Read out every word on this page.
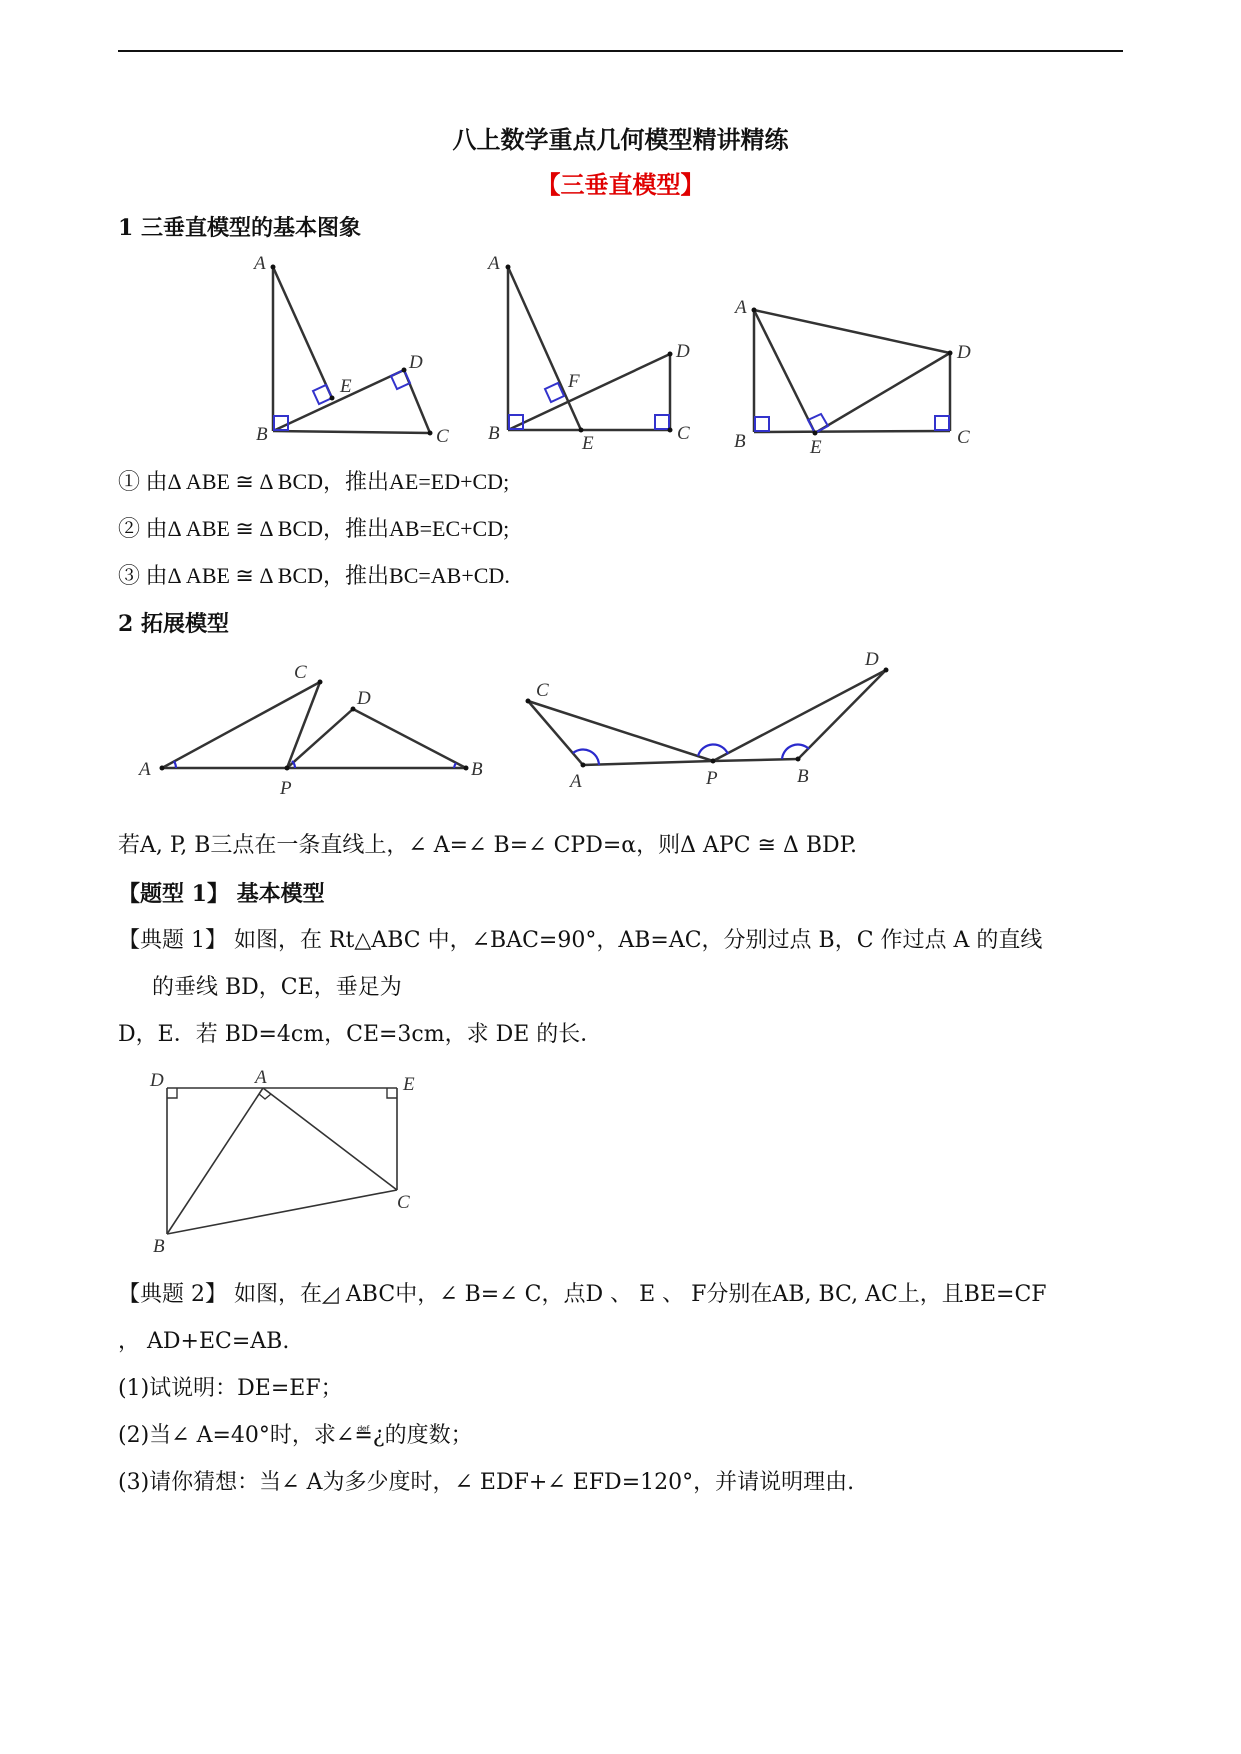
八上数学重点几何模型精讲精练
【三垂直模型】
1 三垂直模型的基本图象
A
B	C
D
E
A
B	C
D
E
F
A
B	C
D
E
① 由Δ ABE ≅ Δ BCD，推出AE=ED+CD;
② 由Δ ABE ≅ Δ BCD，推出AB=EC+CD;
③ 由Δ ABE ≅ Δ BCD，推出BC=AB+CD.
2 拓展模型
A	B
C
D
P
C
A	P	B
D
若A, P, B三点在一条直线上，∠ A=∠ B=∠ CPD=α，则Δ APC ≅ Δ BDP.
【题型 1】 基本模型
【典题 1】 如图，在 Rt△ABC 中，∠BAC=90°，AB=AC，分别过点 B，C 作过点 A 的直线
的垂线 BD，CE，垂足为
D，E．若 BD=4cm，CE=3cm，求 DE 的长．
D	A	E
C
B
【典题 2】 如图，在◿ ABC中，∠ B=∠ C，点D 、 E 、 F分别在AB, BC, AC上，且BE=CF
， AD+EC=AB.
(1)试说明：DE=EF；
(2)当∠ A=40°时，求∠≝¿的度数；
(3)请你猜想：当∠ A为多少度时，∠ EDF+∠ EFD=120°，并请说明理由.
